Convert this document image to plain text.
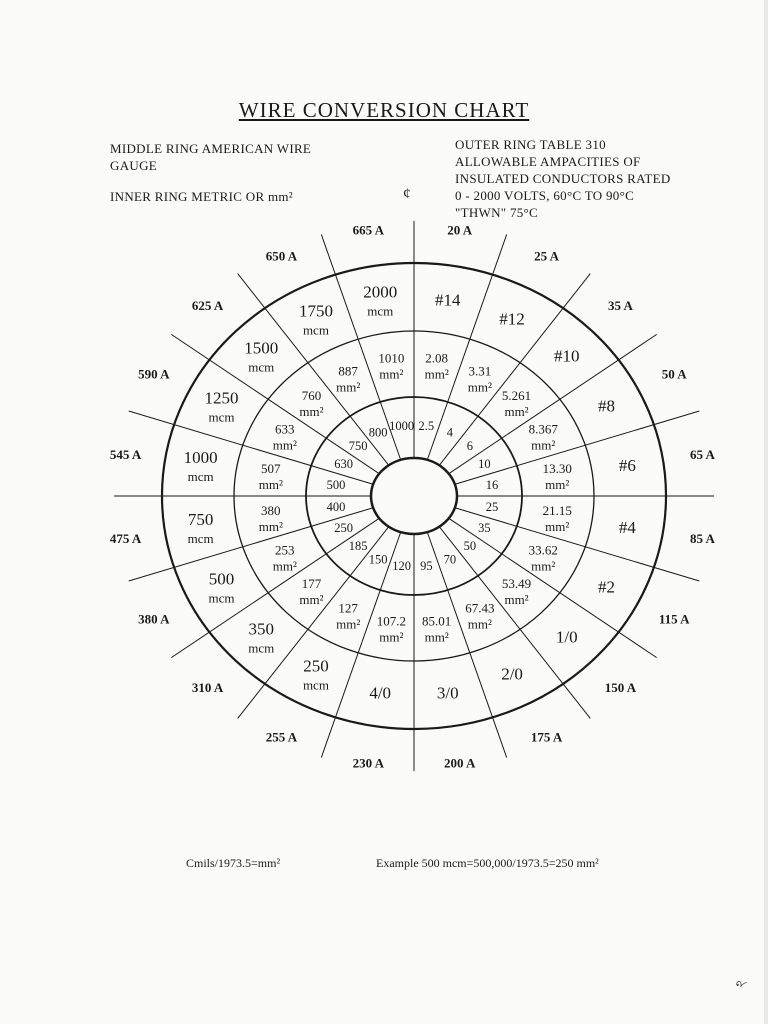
WIRE CONVERSION CHART
MIDDLE RING AMERICAN WIRE
GAUGE
INNER RING METRIC OR mm²	¢
OUTER RING TABLE 310
ALLOWABLE AMPACITIES OF
INSULATED CONDUCTORS RATED
0 - 2000 VOLTS, 60°C TO 90°C
"THWN" 75°C
20 A
#14
2.08
mm²
2.5
25 A
#12
3.31
mm²
4
35 A
#10
5.261
mm²
6
50 A
#8
8.367
mm²
10
65 A
#6
13.30
mm²
16
85 A
#4
21.15
mm²
25
115 A
#2
33.62
mm²
35
150 A
1/0
53.49
mm²
50
175 A
2/0
67.43
mm²
70
200 A
3/0
85.01
mm²
95
230 A
4/0
107.2
mm²
120
255 A
250
mcm
127
mm²
150
310 A
350
mcm
177
mm²
185
380 A
500
mcm
253
mm²
250
475 A
750
mcm
380
mm²
400
545 A 1000
mcm
507
mm²	500
590 A
1250
mcm
633
mm²
630
625 A
1500
mcm
760
mm²
750
650 A
1750
mcm
887
mm²
800
665 A
2000
mcm
1010
mm²
1000
Cmils/1973.5=mm²	Example 500 mcm=500,000/1973.5=250 mm²
ঽ
